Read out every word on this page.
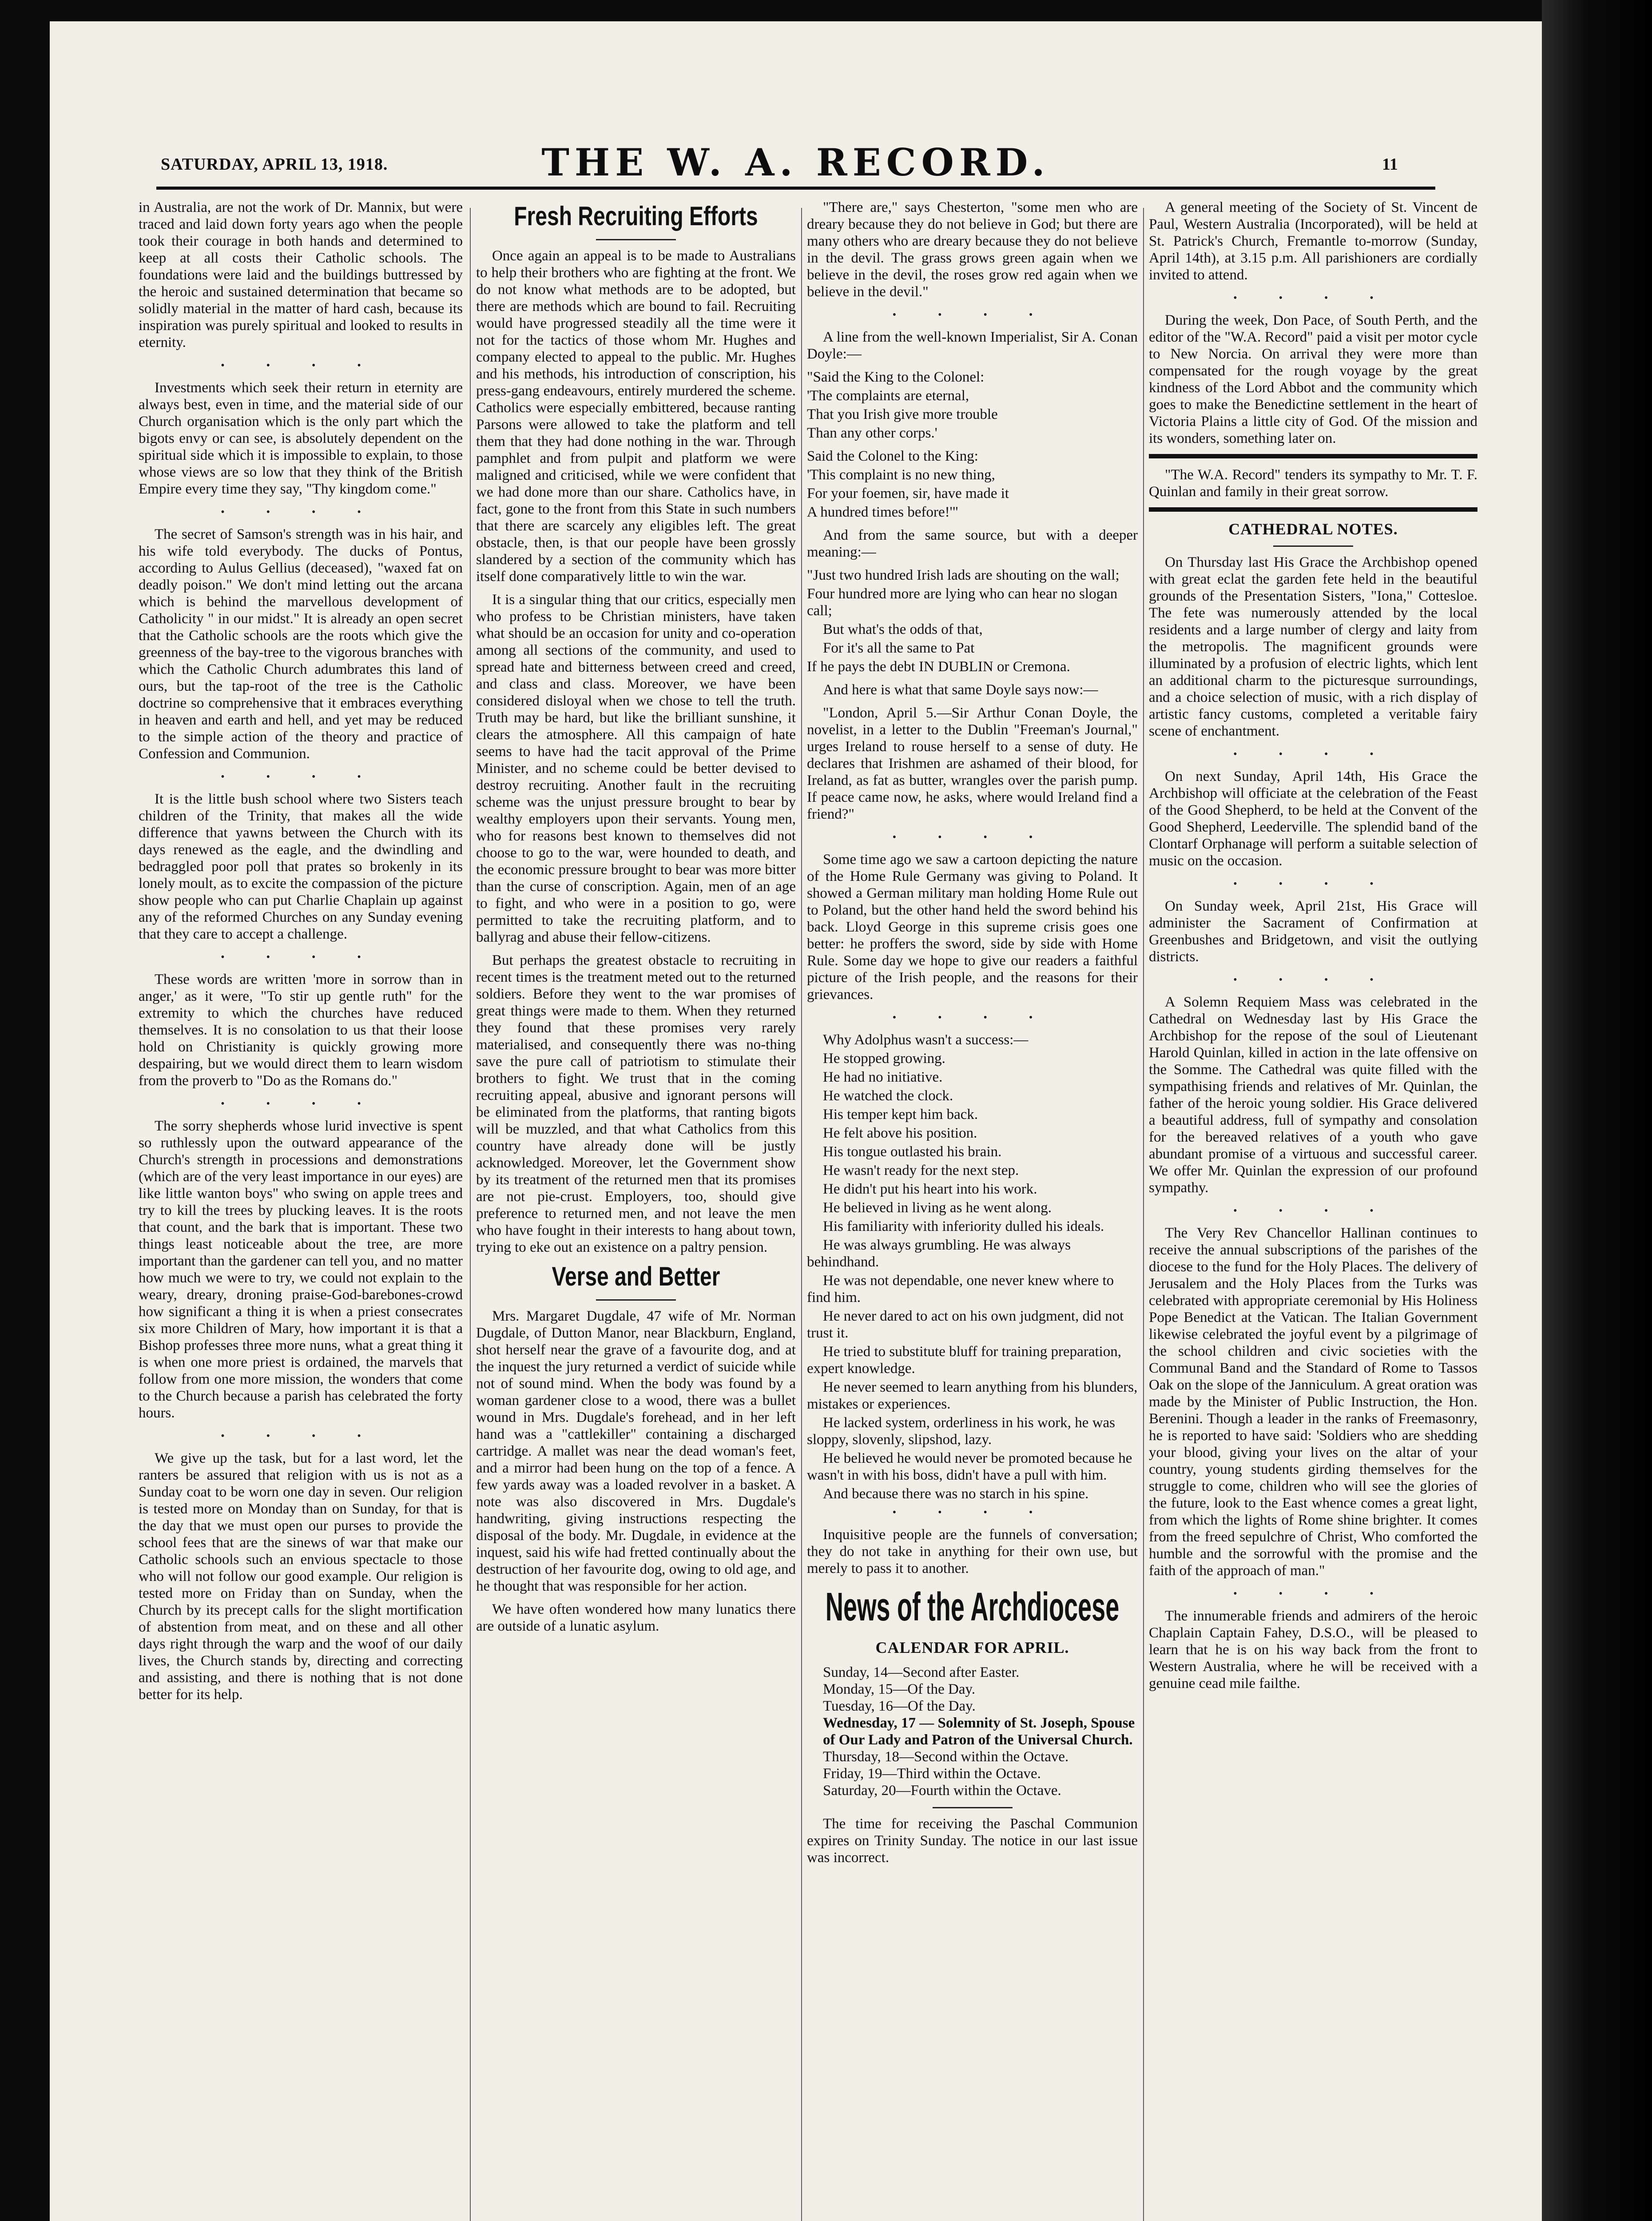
SATURDAY, APRIL 13, 1918.	THE W. A. RECORD.	11

in Australia, are not the work of Dr. Mannix, but were traced and laid down forty years ago when the people took their courage in both hands and determined to keep at all costs their Catholic schools. The foundations were laid and the buildings buttressed by the heroic and sustained determination that became so solidly material in the matter of hard cash, because its inspiration was purely spiritual and looked to results in eternity.

• • • •

Investments which seek their return in eternity are always best, even in time, and the material side of our Church organisation which is the only part which the bigots envy or can see, is absolutely dependent on the spiritual side which it is impossible to explain, to those whose views are so low that they think of the British Empire every time they say, "Thy kingdom come."

• • • •

The secret of Samson's strength was in his hair, and his wife told everybody. The ducks of Pontus, according to Aulus Gellius (deceased), "waxed fat on deadly poison." We don't mind letting out the arcana which is behind the marvellous development of Catholicity " in our midst." It is already an open secret that the Catholic schools are the roots which give the greenness of the bay-tree to the vigorous branches with which the Catholic Church adumbrates this land of ours, but the tap-root of the tree is the Catholic doctrine so comprehensive that it embraces everything in heaven and earth and hell, and yet may be reduced to the simple action of the theory and practice of Confession and Communion.

• • • •

It is the little bush school where two Sisters teach children of the Trinity, that makes all the wide difference that yawns between the Church with its days renewed as the eagle, and the dwindling and bedraggled poor poll that prates so brokenly in its lonely moult, as to excite the compassion of the picture show people who can put Charlie Chaplain up against any of the reformed Churches on any Sunday evening that they care to accept a challenge.

• • • •

These words are written 'more in sorrow than in anger,' as it were, "To stir up gentle ruth" for the extremity to which the churches have reduced themselves. It is no consolation to us that their loose hold on Christianity is quickly growing more despairing, but we would direct them to learn wisdom from the proverb to "Do as the Romans do."

• • • •

The sorry shepherds whose lurid invective is spent so ruthlessly upon the outward appearance of the Church's strength in processions and demonstrations (which are of the very least importance in our eyes) are like little wanton boys" who swing on apple trees and try to kill the trees by plucking leaves. It is the roots that count, and the bark that is important. These two things least noticeable about the tree, are more important than the gardener can tell you, and no matter how much we were to try, we could not explain to the weary, dreary, droning praise-God-barebones-crowd how significant a thing it is when a priest consecrates six more Children of Mary, how important it is that a Bishop professes three more nuns, what a great thing it is when one more priest is ordained, the marvels that follow from one more mission, the wonders that come to the Church because a parish has celebrated the forty hours.

• • • •

We give up the task, but for a last word, let the ranters be assured that religion with us is not as a Sunday coat to be worn one day in seven. Our religion is tested more on Monday than on Sunday, for that is the day that we must open our purses to provide the school fees that are the sinews of war that make our Catholic schools such an envious spectacle to those who will not follow our good example. Our religion is tested more on Friday than on Sunday, when the Church by its precept calls for the slight mortification of abstention from meat, and on these and all other days right through the warp and the woof of our daily lives, the Church stands by, directing and correcting and assisting, and there is nothing that is not done better for its help.

Fresh Recruiting Efforts

Once again an appeal is to be made to Australians to help their brothers who are fighting at the front. We do not know what methods are to be adopted, but there are methods which are bound to fail. Recruiting would have progressed steadily all the time were it not for the tactics of those whom Mr. Hughes and company elected to appeal to the public. Mr. Hughes and his methods, his introduction of conscription, his press-gang endeavours, entirely murdered the scheme. Catholics were especially embittered, because ranting Parsons were allowed to take the platform and tell them that they had done nothing in the war. Through pamphlet and from pulpit and platform we were maligned and criticised, while we were confident that we had done more than our share. Catholics have, in fact, gone to the front from this State in such numbers that there are scarcely any eligibles left. The great obstacle, then, is that our people have been grossly slandered by a section of the community which has itself done comparatively little to win the war.

It is a singular thing that our critics, especially men who profess to be Christian ministers, have taken what should be an occasion for unity and co-operation among all sections of the community, and used to spread hate and bitterness between creed and creed, and class and class. Moreover, we have been considered disloyal when we chose to tell the truth. Truth may be hard, but like the brilliant sunshine, it clears the atmosphere. All this campaign of hate seems to have had the tacit approval of the Prime Minister, and no scheme could be better devised to destroy recruiting. Another fault in the recruiting scheme was the unjust pressure brought to bear by wealthy employers upon their servants. Young men, who for reasons best known to themselves did not choose to go to the war, were hounded to death, and the economic pressure brought to bear was more bitter than the curse of conscription. Again, men of an age to fight, and who were in a position to go, were permitted to take the recruiting platform, and to ballyrag and abuse their fellow-citizens.

But perhaps the greatest obstacle to recruiting in recent times is the treatment meted out to the returned soldiers. Before they went to the war promises of great things were made to them. When they returned they found that these promises very rarely materialised, and consequently there was no-thing save the pure call of patriotism to stimulate their brothers to fight. We trust that in the coming recruiting appeal, abusive and ignorant persons will be eliminated from the platforms, that ranting bigots will be muzzled, and that what Catholics from this country have already done will be justly acknowledged. Moreover, let the Government show by its treatment of the returned men that its promises are not pie-crust. Employers, too, should give preference to returned men, and not leave the men who have fought in their interests to hang about town, trying to eke out an existence on a paltry pension.

Verse and Better

Mrs. Margaret Dugdale, 47 wife of Mr. Norman Dugdale, of Dutton Manor, near Blackburn, England, shot herself near the grave of a favourite dog, and at the inquest the jury returned a verdict of suicide while not of sound mind. When the body was found by a woman gardener close to a wood, there was a bullet wound in Mrs. Dugdale's forehead, and in her left hand was a "cattlekiller" containing a discharged cartridge. A mallet was near the dead woman's feet, and a mirror had been hung on the top of a fence. A few yards away was a loaded revolver in a basket. A note was also discovered in Mrs. Dugdale's handwriting, giving instructions respecting the disposal of the body. Mr. Dugdale, in evidence at the inquest, said his wife had fretted continually about the destruction of her favourite dog, owing to old age, and he thought that was responsible for her action.

We have often wondered how many lunatics there are outside of a lunatic asylum.

"There are," says Chesterton, "some men who are dreary because they do not believe in God; but there are many others who are dreary because they do not believe in the devil. The grass grows green again when we believe in the devil, the roses grow red again when we believe in the devil."

• • • •

A line from the well-known Imperialist, Sir A. Conan Doyle:—

"Said the King to the Colonel:

'The complaints are eternal,

That you Irish give more trouble

Than any other corps.'

Said the Colonel to the King:

'This complaint is no new thing,

For your foemen, sir, have made it

A hundred times before!'"

And from the same source, but with a deeper meaning:—

"Just two hundred Irish lads are shouting on the wall;

Four hundred more are lying who can hear no slogan call;

But what's the odds of that,

For it's all the same to Pat

If he pays the debt IN DUBLIN or Cremona.

And here is what that same Doyle says now:—

"London, April 5.—Sir Arthur Conan Doyle, the novelist, in a letter to the Dublin "Freeman's Journal," urges Ireland to rouse herself to a sense of duty. He declares that Irishmen are ashamed of their blood, for Ireland, as fat as butter, wrangles over the parish pump. If peace came now, he asks, where would Ireland find a friend?"

• • • •

Some time ago we saw a cartoon depicting the nature of the Home Rule Germany was giving to Poland. It showed a German military man holding Home Rule out to Poland, but the other hand held the sword behind his back. Lloyd George in this supreme crisis goes one better: he proffers the sword, side by side with Home Rule. Some day we hope to give our readers a faithful picture of the Irish people, and the reasons for their grievances.

• • • •

Why Adolphus wasn't a success:—

He stopped growing.

He had no initiative.

He watched the clock.

His temper kept him back.

He felt above his position.

His tongue outlasted his brain.

He wasn't ready for the next step.

He didn't put his heart into his work.

He believed in living as he went along.

His familiarity with inferiority dulled his ideals.

He was always grumbling. He was always behindhand.

He was not dependable, one never knew where to find him.

He never dared to act on his own judgment, did not trust it.

He tried to substitute bluff for training preparation, expert knowledge.

He never seemed to learn anything from his blunders, mistakes or experiences.

He lacked system, orderliness in his work, he was sloppy, slovenly, slipshod, lazy.

He believed he would never be promoted because he wasn't in with his boss, didn't have a pull with him.

And because there was no starch in his spine.

• • • •

Inquisitive people are the funnels of conversation; they do not take in anything for their own use, but merely to pass it to another.

News of the Archdiocese
CALENDAR FOR APRIL.

Sunday, 14—Second after Easter.

Monday, 15—Of the Day.

Tuesday, 16—Of the Day.

Wednesday, 17 — Solemnity of St. Joseph, Spouse of Our Lady and Patron of the Universal Church.

Thursday, 18—Second within the Octave.

Friday, 19—Third within the Octave.

Saturday, 20—Fourth within the Octave.

The time for receiving the Paschal Communion expires on Trinity Sunday. The notice in our last issue was incorrect.

A general meeting of the Society of St. Vincent de Paul, Western Australia (Incorporated), will be held at St. Patrick's Church, Fremantle to-morrow (Sunday, April 14th), at 3.15 p.m. All parishioners are cordially invited to attend.

• • • •

During the week, Don Pace, of South Perth, and the editor of the "W.A. Record" paid a visit per motor cycle to New Norcia. On arrival they were more than compensated for the rough voyage by the great kindness of the Lord Abbot and the community which goes to make the Benedictine settlement in the heart of Victoria Plains a little city of God. Of the mission and its wonders, something later on.

"The W.A. Record" tenders its sympathy to Mr. T. F. Quinlan and family in their great sorrow.

CATHEDRAL NOTES.

On Thursday last His Grace the Archbishop opened with great eclat the garden fete held in the beautiful grounds of the Presentation Sisters, "Iona," Cottesloe. The fete was numerously attended by the local residents and a large number of clergy and laity from the metropolis. The magnificent grounds were illuminated by a profusion of electric lights, which lent an additional charm to the picturesque surroundings, and a choice selection of music, with a rich display of artistic fancy customs, completed a veritable fairy scene of enchantment.

• • • •

On next Sunday, April 14th, His Grace the Archbishop will officiate at the celebration of the Feast of the Good Shepherd, to be held at the Convent of the Good Shepherd, Leederville. The splendid band of the Clontarf Orphanage will perform a suitable selection of music on the occasion.

• • • •

On Sunday week, April 21st, His Grace will administer the Sacrament of Confirmation at Greenbushes and Bridgetown, and visit the outlying districts.

• • • •

A Solemn Requiem Mass was celebrated in the Cathedral on Wednesday last by His Grace the Archbishop for the repose of the soul of Lieutenant Harold Quinlan, killed in action in the late offensive on the Somme. The Cathedral was quite filled with the sympathising friends and relatives of Mr. Quinlan, the father of the heroic young soldier. His Grace delivered a beautiful address, full of sympathy and consolation for the bereaved relatives of a youth who gave abundant promise of a virtuous and successful career. We offer Mr. Quinlan the expression of our profound sympathy.

• • • •

The Very Rev Chancellor Hallinan continues to receive the annual subscriptions of the parishes of the diocese to the fund for the Holy Places. The delivery of Jerusalem and the Holy Places from the Turks was celebrated with appropriate ceremonial by His Holiness Pope Benedict at the Vatican. The Italian Government likewise celebrated the joyful event by a pilgrimage of the school children and civic societies with the Communal Band and the Standard of Rome to Tassos Oak on the slope of the Janniculum. A great oration was made by the Minister of Public Instruction, the Hon. Berenini. Though a leader in the ranks of Freemasonry, he is reported to have said: 'Soldiers who are shedding your blood, giving your lives on the altar of your country, young students girding themselves for the struggle to come, children who will see the glories of the future, look to the East whence comes a great light, from which the lights of Rome shine brighter. It comes from the freed sepulchre of Christ, Who comforted the humble and the sorrowful with the promise and the faith of the approach of man."

• • • •

The innumerable friends and admirers of the heroic Chaplain Captain Fahey, D.S.O., will be pleased to learn that he is on his way back from the front to Western Australia, where he will be received with a genuine cead mile failthe.
